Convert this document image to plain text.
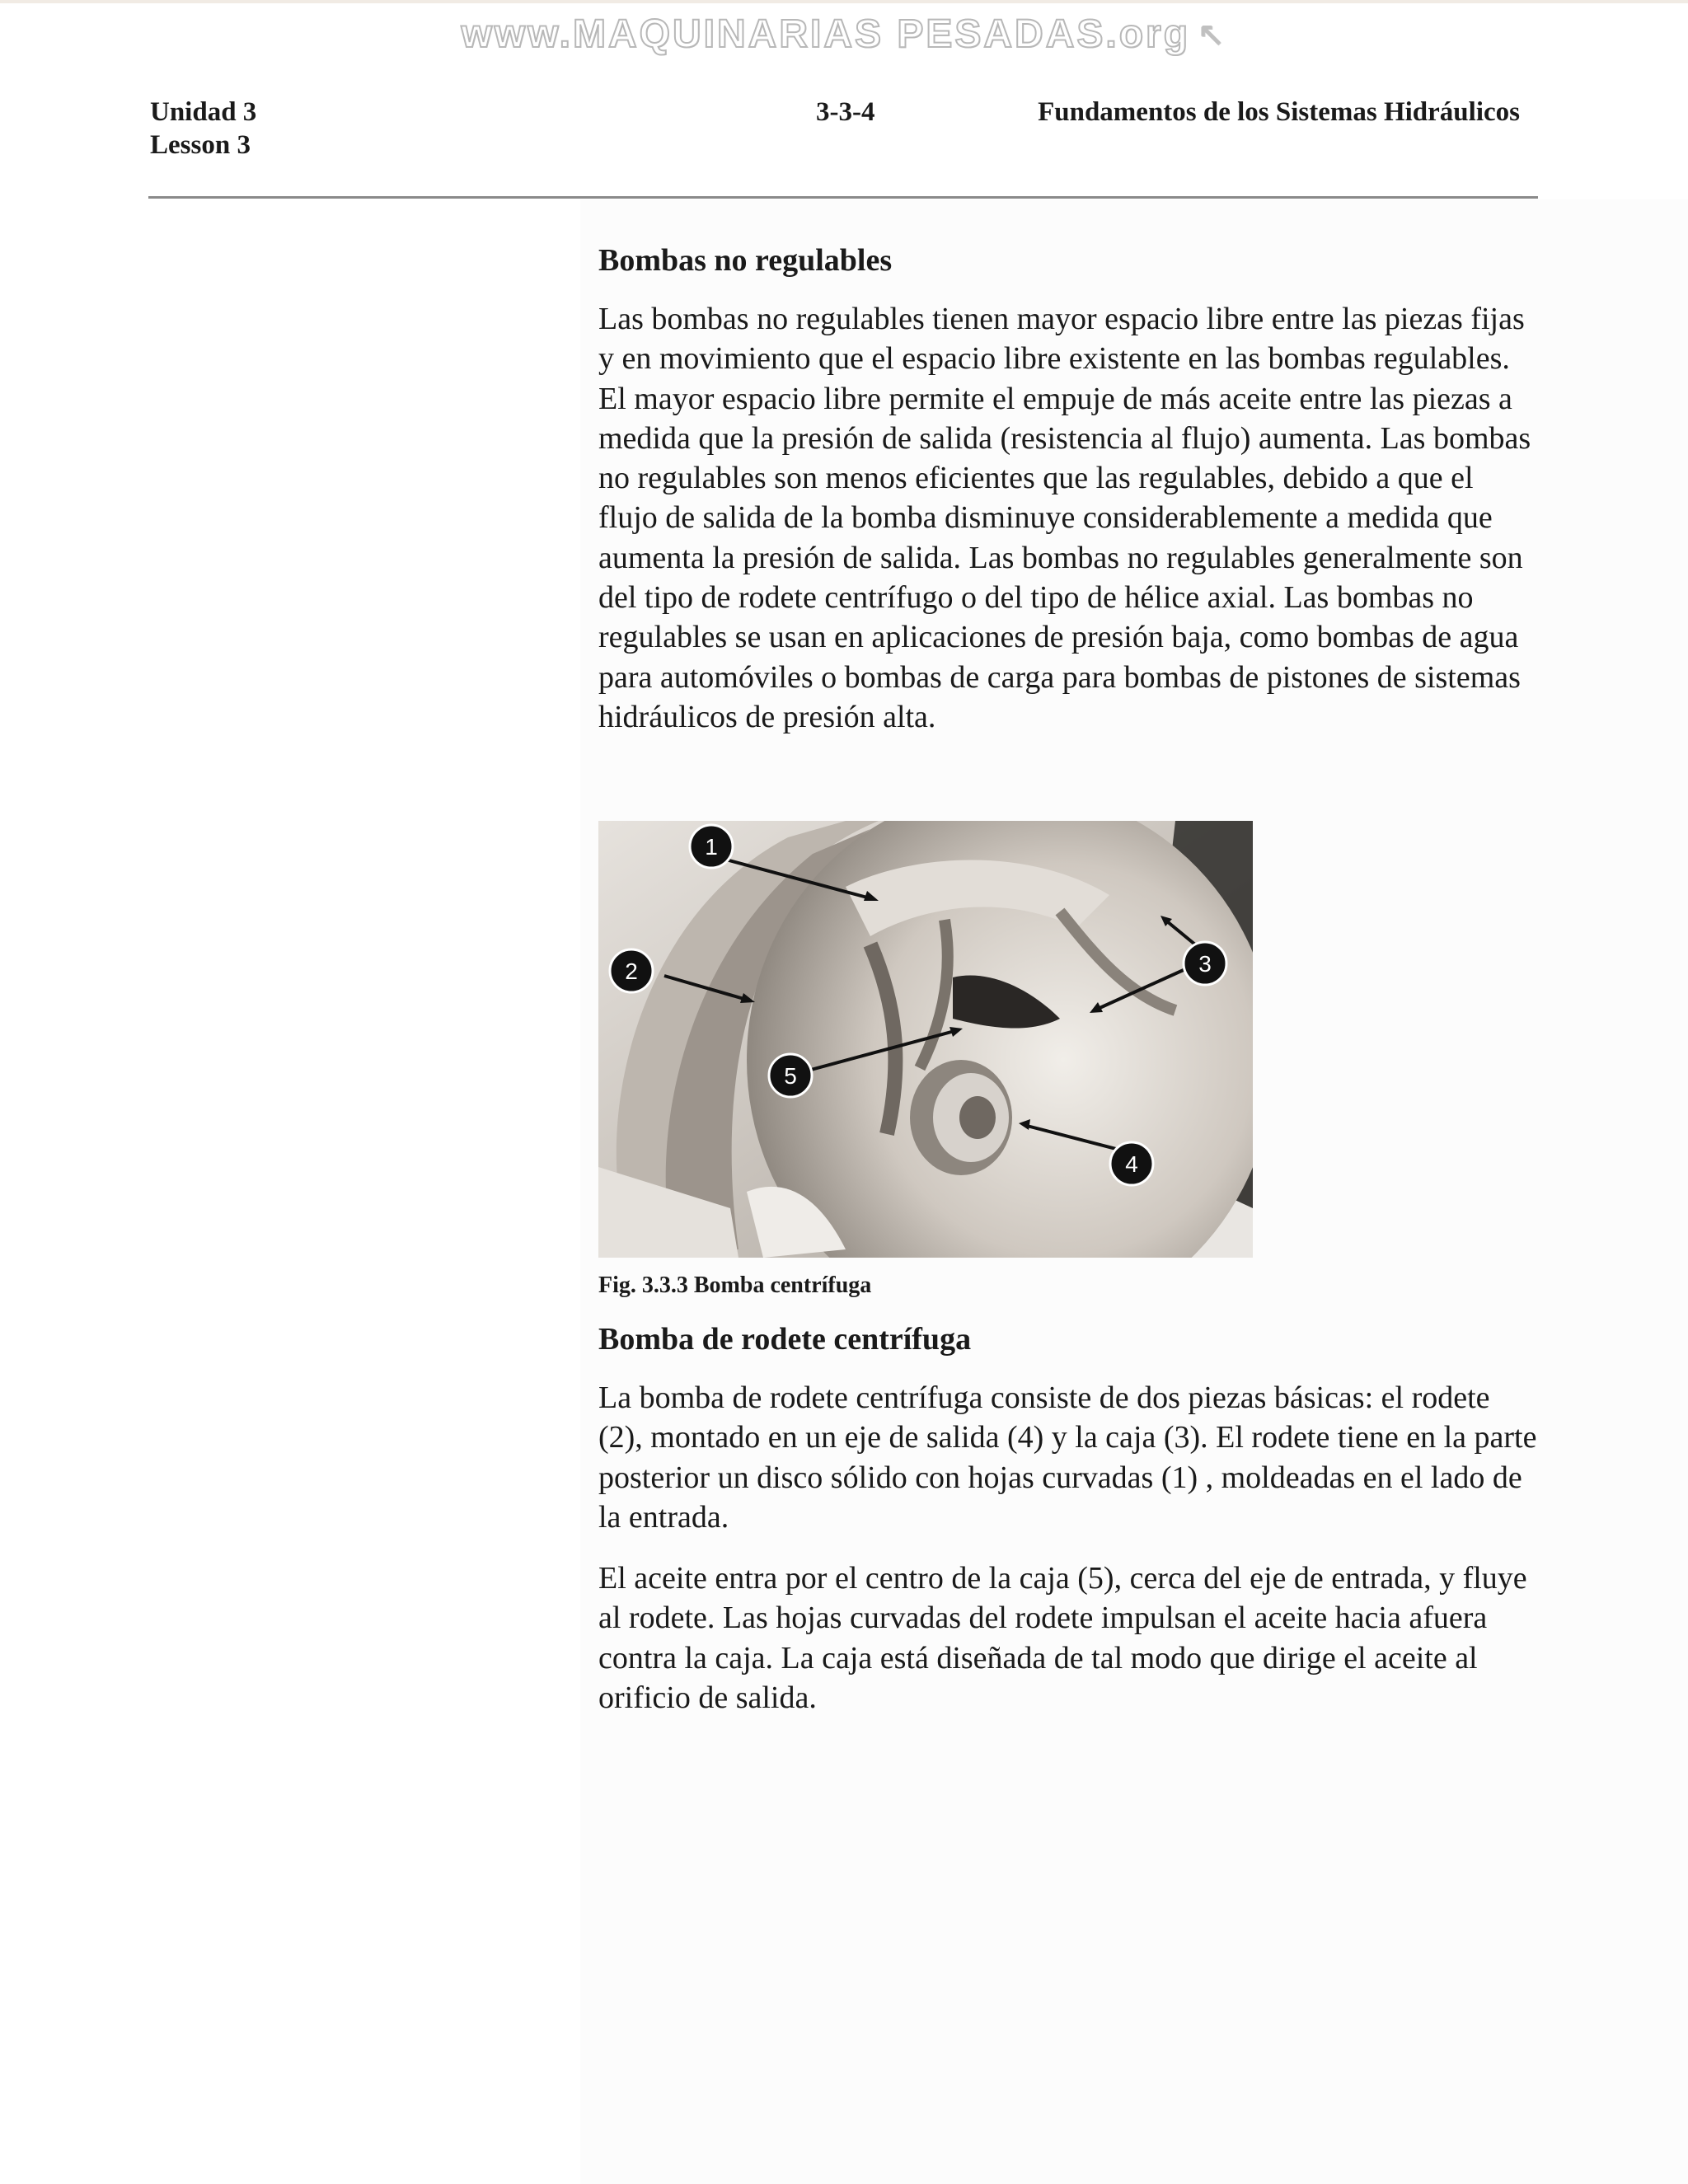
www.MAQUINARIAS PESADAS.org ↖
Unidad 3
Lesson 3
3-3-4	Fundamentos de los Sistemas Hidráulicos
Bombas no regulables

Las bombas no regulables tienen mayor espacio libre entre las piezas fijas y en movimiento que el espacio libre existente en las bombas regulables. El mayor espacio libre permite el empuje de más aceite entre las piezas a medida que la presión de salida (resistencia al flujo) aumenta. Las bombas no regulables son menos eficientes que las regulables, debido a que el flujo de salida de la bomba disminuye considerablemente a medida que aumenta la presión de salida. Las bombas no regulables generalmente son del tipo de rodete centrífugo o del tipo de hélice axial. Las bombas no regulables se usan en aplicaciones de presión baja, como bombas de agua para automóviles o bombas de carga para bombas de pistones de sistemas hidráulicos de presión alta.

1
2	3
4
5
Fig. 3.3.3 Bomba centrífuga
Bomba de rodete centrífuga

La bomba de rodete centrífuga consiste de dos piezas básicas: el rodete (2), montado en un eje de salida (4) y la caja (3). El rodete tiene en la parte posterior un disco sólido con hojas curvadas (1) , moldeadas en el lado de la entrada.

El aceite entra por el centro de la caja (5), cerca del eje de entrada, y fluye al rodete. Las hojas curvadas del rodete impulsan el aceite hacia afuera contra la caja. La caja está diseñada de tal modo que dirige el aceite al orificio de salida.
